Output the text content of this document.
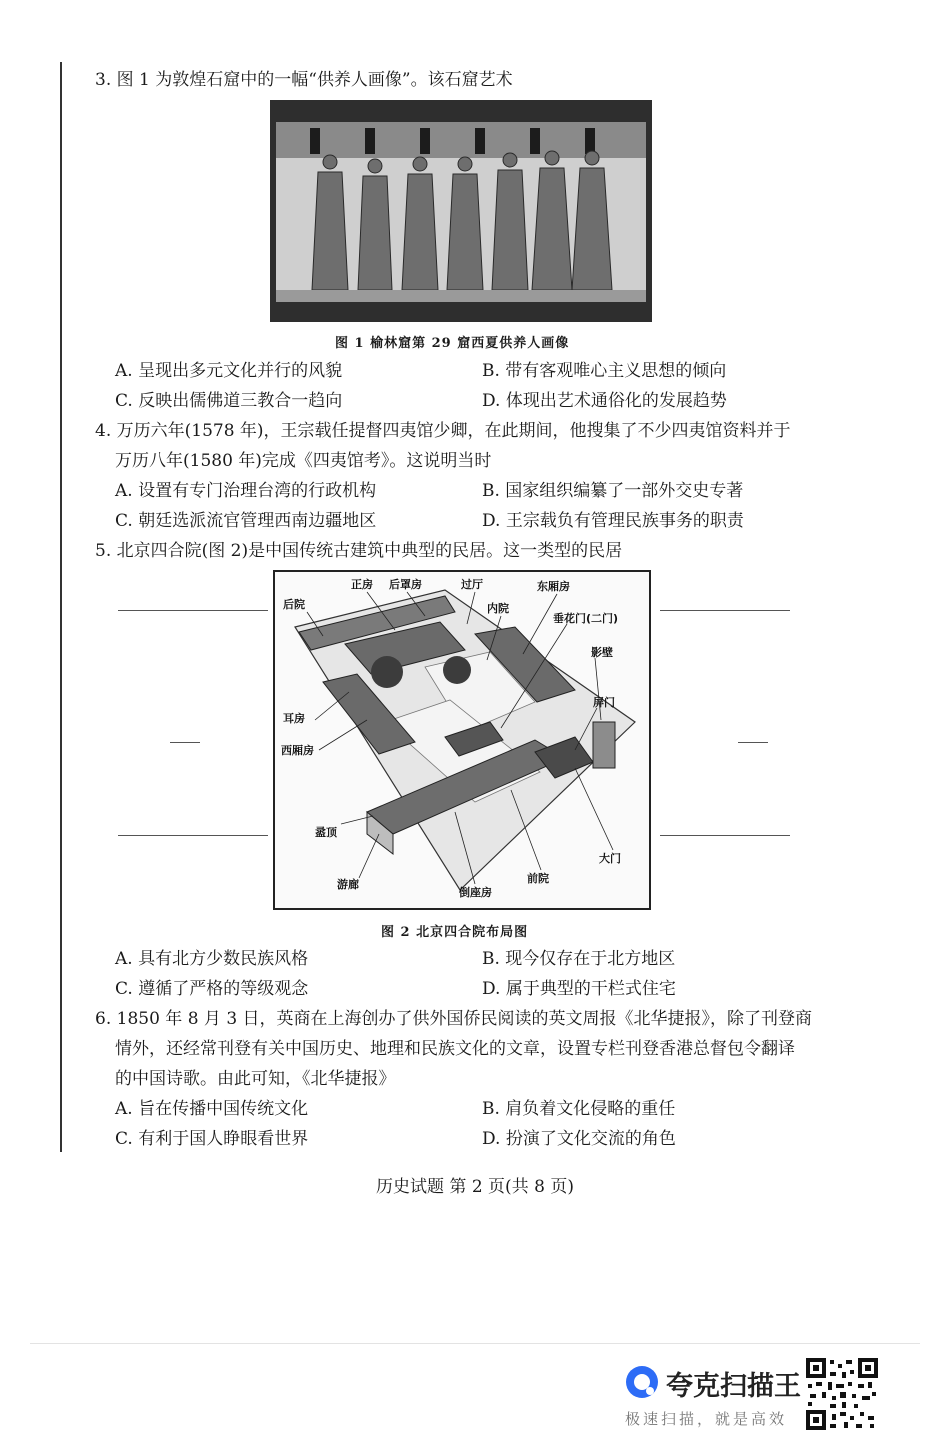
3. 图 1 为敦煌石窟中的一幅“供养人画像”。该石窟艺术
图 1 榆林窟第 29 窟西夏供养人画像
A. 呈现出多元文化并行的风貌	B. 带有客观唯心主义思想的倾向
C. 反映出儒佛道三教合一趋向	D. 体现出艺术通俗化的发展趋势
4. 万历六年(1578 年)，王宗载任提督四夷馆少卿，在此期间，他搜集了不少四夷馆资料并于
万历八年(1580 年)完成《四夷馆考》。这说明当时
A. 设置有专门治理台湾的行政机构	B. 国家组织编纂了一部外交史专著
C. 朝廷选派流官管理西南边疆地区	D. 王宗载负有管理民族事务的职责
5. 北京四合院(图 2)是中国传统古建筑中典型的民居。这一类型的民居
正房 后罩房
后院
过厅	东厢房
内院
垂花门(二门)
影壁
屏门
耳房
西厢房
盝顶
大门
游廊	前院
倒座房
图 2 北京四合院布局图
A. 具有北方少数民族风格	B. 现今仅存在于北方地区
C. 遵循了严格的等级观念	D. 属于典型的干栏式住宅
6. 1850 年 8 月 3 日，英商在上海创办了供外国侨民阅读的英文周报《北华捷报》，除了刊登商
情外，还经常刊登有关中国历史、地理和民族文化的文章，设置专栏刊登香港总督包令翻译
的中国诗歌。由此可知，《北华捷报》
A. 旨在传播中国传统文化	B. 肩负着文化侵略的重任
C. 有利于国人睁眼看世界	D. 扮演了文化交流的角色
历史试题 第 2 页(共 8 页)
夸克扫描王
极速扫描，就是高效
